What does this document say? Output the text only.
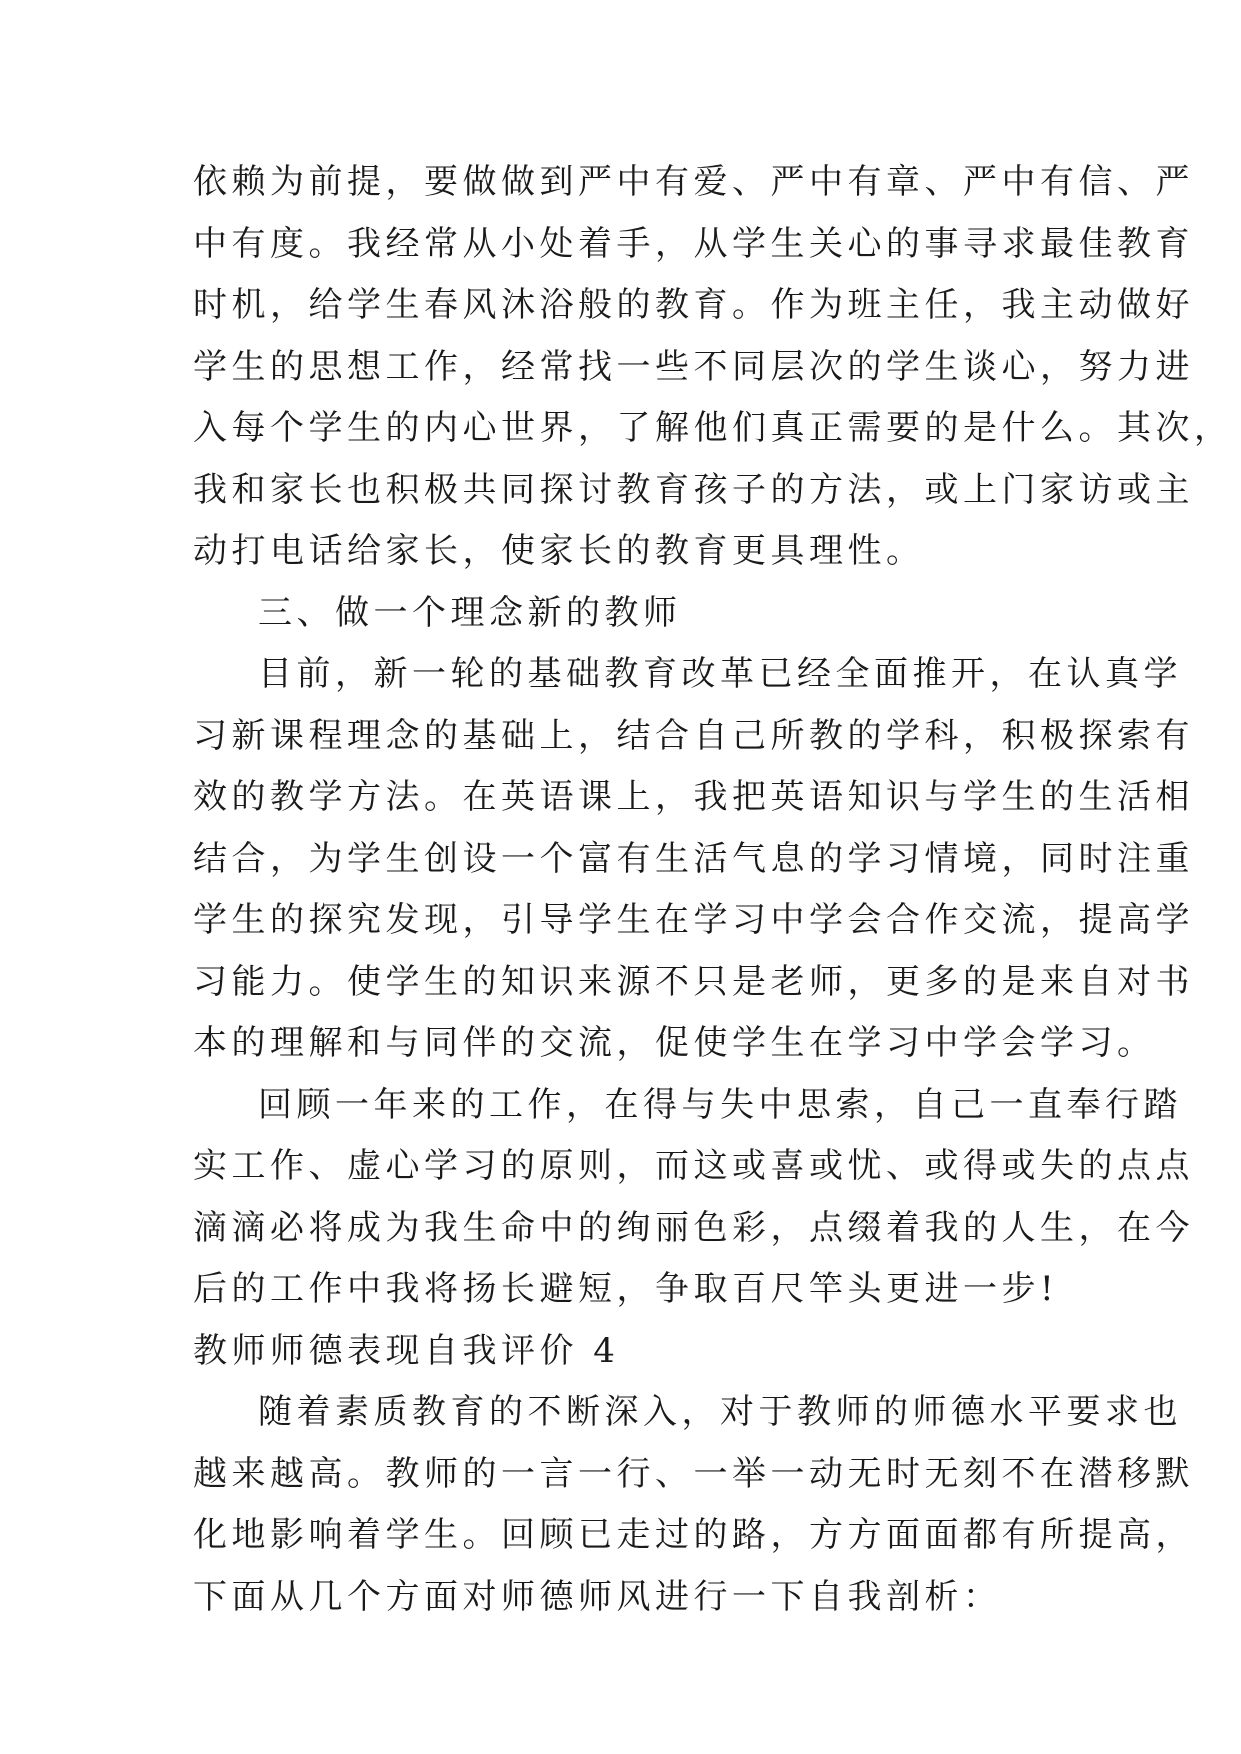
依赖为前提，要做做到严中有爱、严中有章、严中有信、严
中有度。我经常从小处着手，从学生关心的事寻求最佳教育
时机，给学生春风沐浴般的教育。作为班主任，我主动做好
学生的思想工作，经常找一些不同层次的学生谈心，努力进
入每个学生的内心世界，了解他们真正需要的是什么。其次，
我和家长也积极共同探讨教育孩子的方法，或上门家访或主
动打电话给家长，使家长的教育更具理性。
三、做一个理念新的教师
目前，新一轮的基础教育改革已经全面推开，在认真学
习新课程理念的基础上，结合自己所教的学科，积极探索有
效的教学方法。在英语课上，我把英语知识与学生的生活相
结合，为学生创设一个富有生活气息的学习情境，同时注重
学生的探究发现，引导学生在学习中学会合作交流，提高学
习能力。使学生的知识来源不只是老师，更多的是来自对书
本的理解和与同伴的交流，促使学生在学习中学会学习。
回顾一年来的工作，在得与失中思索，自己一直奉行踏
实工作、虚心学习的原则，而这或喜或忧、或得或失的点点
滴滴必将成为我生命中的绚丽色彩，点缀着我的人生，在今
后的工作中我将扬长避短，争取百尺竿头更进一步!
教师师德表现自我评价 4
随着素质教育的不断深入，对于教师的师德水平要求也
越来越高。教师的一言一行、一举一动无时无刻不在潜移默
化地影响着学生。回顾已走过的路，方方面面都有所提高，
下面从几个方面对师德师风进行一下自我剖析：
